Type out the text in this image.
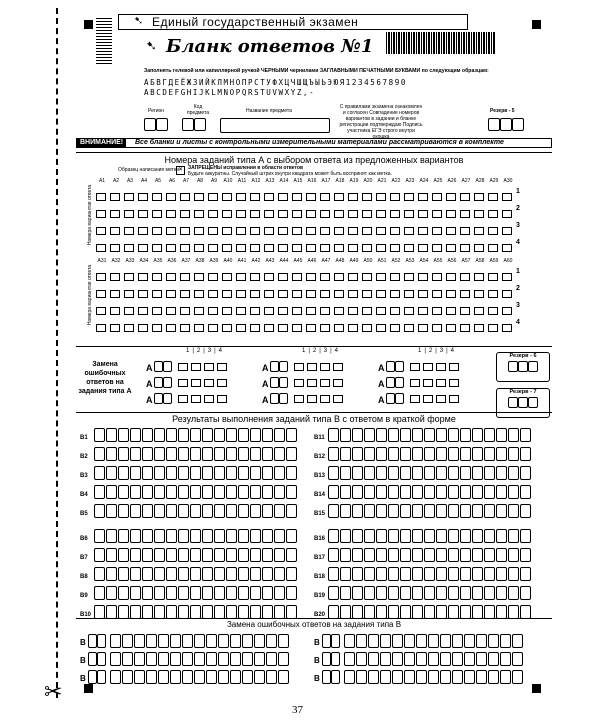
✂
➷ Единый государственный экзамен
➷ Бланк ответов №1
Заполнять гелевой или капиллярной ручкой ЧЕРНЫМИ чернилами ЗАГЛАВНЫМИ ПЕЧАТНЫМИ БУКВАМИ по следующим образцам:
АБВГДЕЁЖЗИЙКЛМНОПРСТУФХЦЧШЩЪЫЬЭЮЯ1234567890
ABCDEFGHIJKLMNOPQRSTUVWXYZ,-
Регион
Код предмета	Название предмета
С правилами экзамена ознакомлен и согласен Совпадение номеров вариантов в задании и бланке регистрации подтверждаю Подпись участника ЕГЭ строго внутри окошка
Резерв - 5
ВНИМАНИЕ!	Все бланки и листы с контрольными измерительными материалами рассматриваются в комплекте
Номера заданий типа А с выбором ответа из предложенных вариантов
Образец написания метки ✕ ЗАПРЕЩЕНЫ исправления в области ответов
Будьте аккуратны. Случайный штрих внутри квадрата может быть воспринят как метка.
Номера вариантов ответа
A1	A2	A3	A4	A5	A6	A7	A8	A9	A10	A11	A12	A13	A14	A15	A16	A17	A18	A19	A20	A21	A22	A23	A24	A25	A26	A27	A28	A29	A30
1
2
3
4
Номера вариантов ответа
A31	A32	A33	A34	A35	A36	A37	A38	A39	A40	A41	A42	A43	A44	A45	A46	A47	A48	A49	A50	A51	A52	A53	A54	A55	A56	A57	A58	A59	A60
1
2
3
4
Замена ошибочных ответов на задания типа А
1|2|3|4
А
А
А
1|2|3|4
А
А
А
1|2|3|4
А
А
А
Резерв - 6
Резерв - 7
Результаты выполнения заданий типа В с ответом в краткой форме
B1
B2
B3
B4
B5
B6
B7
B8
B9
B10
B11
B12
B13
B14
B15
B16
B17
B18
B19
B20
Замена ошибочных ответов на задания типа В
В
В
В
В
В
В
37
